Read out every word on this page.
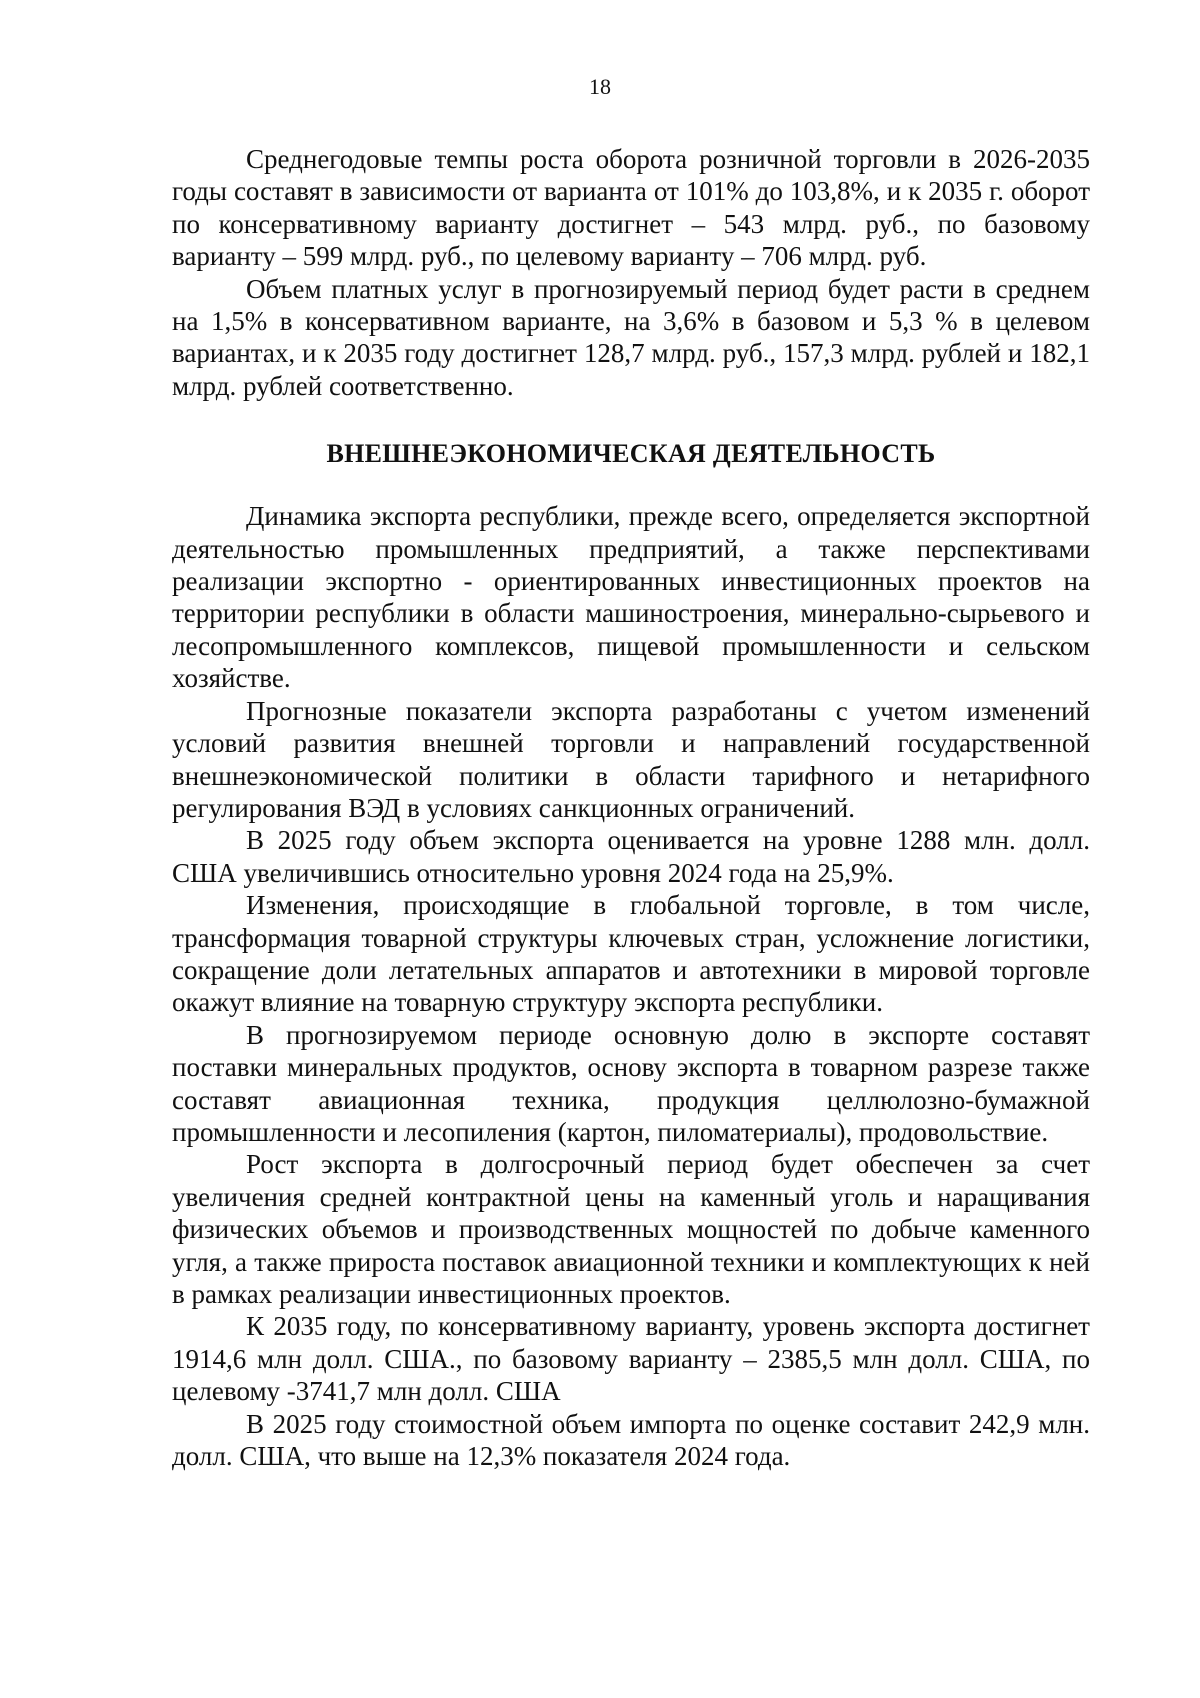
18

Среднегодовые темпы роста оборота розничной торговли в 2026-2035 годы составят в зависимости от варианта от 101% до 103,8%, и к 2035 г. оборот по консервативному варианту достигнет – 543 млрд. руб., по базовому варианту – 599 млрд. руб., по целевому варианту – 706 млрд. руб.

Объем платных услуг в прогнозируемый период будет расти в среднем на 1,5% в консервативном варианте, на 3,6% в базовом и 5,3 % в целевом вариантах, и к 2035 году достигнет 128,7 млрд. руб., 157,3 млрд. рублей и 182,1 млрд. рублей соответственно.

ВНЕШНЕЭКОНОМИЧЕСКАЯ ДЕЯТЕЛЬНОСТЬ

Динамика экспорта республики, прежде всего, определяется экспортной деятельностью промышленных предприятий, а также перспективами реализации экспортно - ориентированных инвестиционных проектов на территории республики в области машиностроения, минерально-сырьевого и лесопромышленного комплексов, пищевой промышленности и сельском хозяйстве.

Прогнозные показатели экспорта разработаны с учетом изменений условий развития внешней торговли и направлений государственной внешнеэкономической политики в области тарифного и нетарифного регулирования ВЭД в условиях санкционных ограничений.

В 2025 году объем экспорта оценивается на уровне 1288 млн. долл. США увеличившись относительно уровня 2024 года на 25,9%.

Изменения, происходящие в глобальной торговле, в том числе, трансформация товарной структуры ключевых стран, усложнение логистики, сокращение доли летательных аппаратов и автотехники в мировой торговле окажут влияние на товарную структуру экспорта республики.

В прогнозируемом периоде основную долю в экспорте составят поставки минеральных продуктов, основу экспорта в товарном разрезе также составят авиационная техника, продукция целлюлозно-бумажной промышленности и лесопиления (картон, пиломатериалы), продовольствие.

Рост экспорта в долгосрочный период будет обеспечен за счет увеличения средней контрактной цены на каменный уголь и наращивания физических объемов и производственных мощностей по добыче каменного угля, а также прироста поставок авиационной техники и комплектующих к ней в рамках реализации инвестиционных проектов.

К 2035 году, по консервативному варианту, уровень экспорта достигнет 1914,6 млн долл. США., по базовому варианту – 2385,5 млн долл. США, по целевому -3741,7 млн долл. США

В 2025 году стоимостной объем импорта по оценке составит 242,9 млн. долл. США, что выше на 12,3% показателя 2024 года.
